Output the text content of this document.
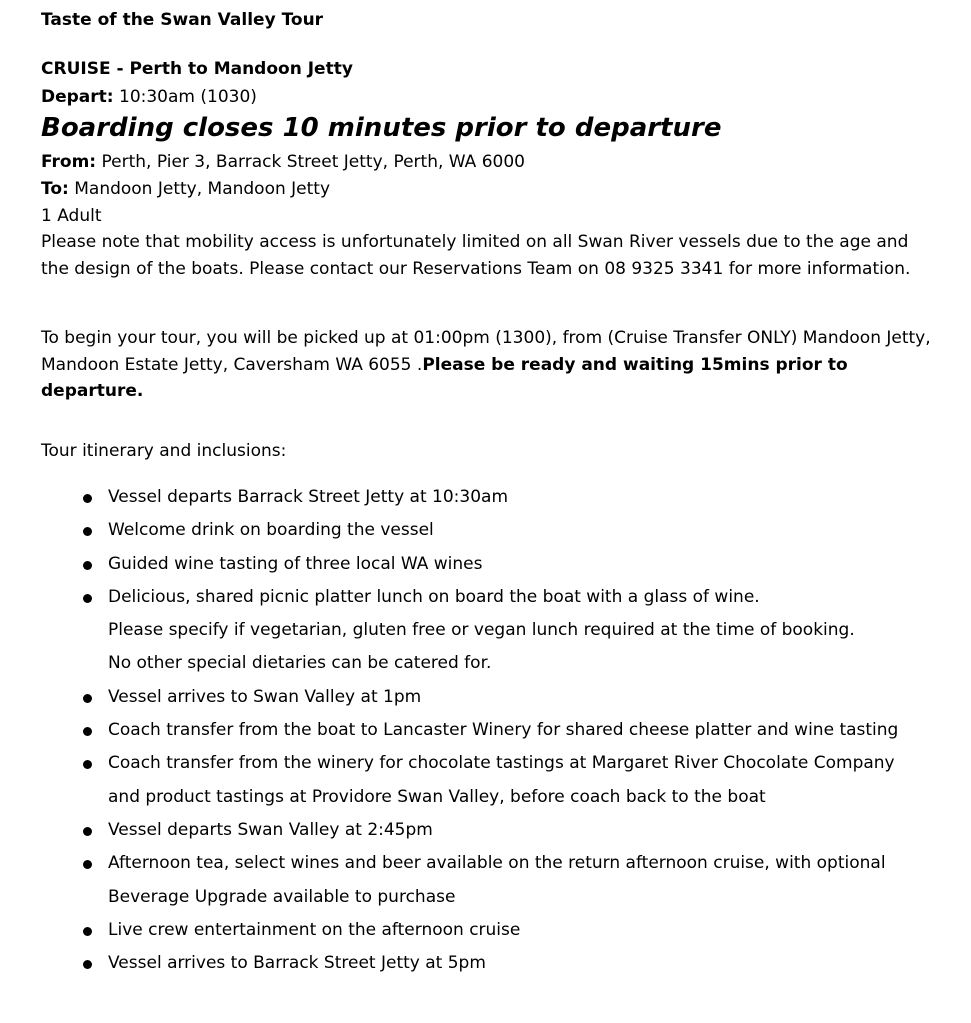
Taste of the Swan Valley Tour
CRUISE - Perth to Mandoon Jetty
Depart: 10:30am (1030)
Boarding closes 10 minutes prior to departure
From: Perth, Pier 3, Barrack Street Jetty, Perth, WA 6000
To: Mandoon Jetty, Mandoon Jetty
1 Adult
Please note that mobility access is unfortunately limited on all Swan River vessels due to the age and the design of the boats. Please contact our Reservations Team on 08 9325 3341 for more information.
To begin your tour, you will be picked up at 01:00pm (1300), from (Cruise Transfer ONLY) Mandoon Jetty, Mandoon Estate Jetty, Caversham WA 6055 .Please be ready and waiting 15mins prior to departure.
Tour itinerary and inclusions:
Vessel departs Barrack Street Jetty at 10:30am
Welcome drink on boarding the vessel
Guided wine tasting of three local WA wines
Delicious, shared picnic platter lunch on board the boat with a glass of wine.
Please specify if vegetarian, gluten free or vegan lunch required at the time of booking.
No other special dietaries can be catered for.
Vessel arrives to Swan Valley at 1pm
Coach transfer from the boat to Lancaster Winery for shared cheese platter and wine tasting
Coach transfer from the winery for chocolate tastings at Margaret River Chocolate Company and product tastings at Providore Swan Valley, before coach back to the boat
Vessel departs Swan Valley at 2:45pm
Afternoon tea, select wines and beer available on the return afternoon cruise, with optional Beverage Upgrade available to purchase
Live crew entertainment on the afternoon cruise
Vessel arrives to Barrack Street Jetty at 5pm
